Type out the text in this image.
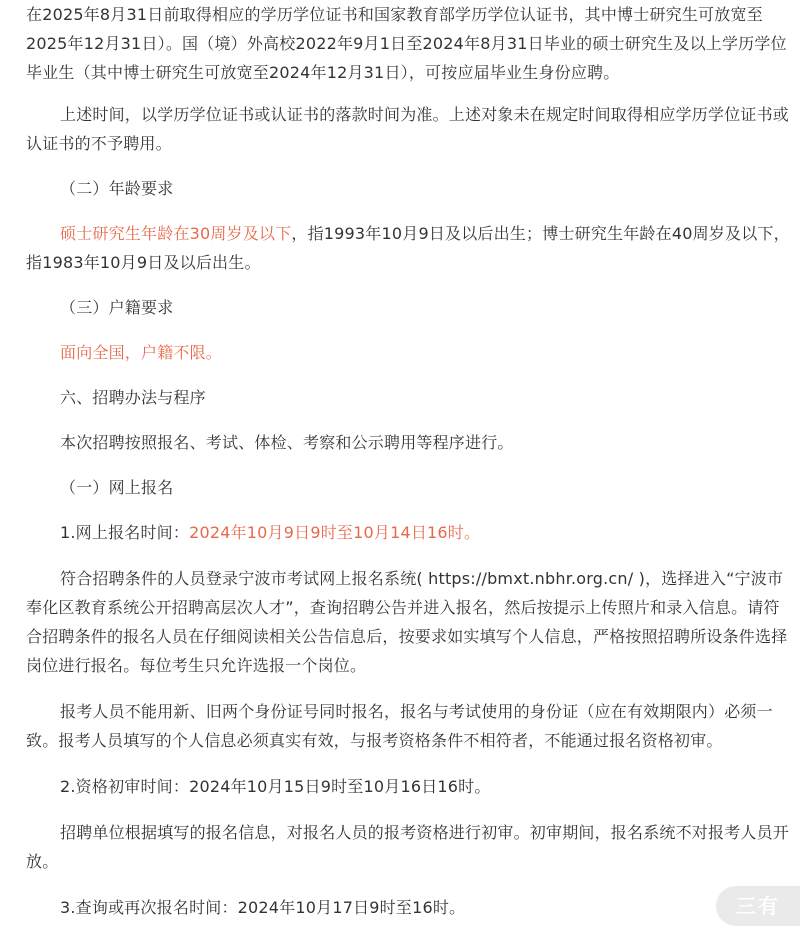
在2025年8月31日前取得相应的学历学位证书和国家教育部学历学位认证书，其中博士研究生可放宽至2025年12月31日）。国（境）外高校2022年9月1日至2024年8月31日毕业的硕士研究生及以上学历学位毕业生（其中博士研究生可放宽至2024年12月31日），可按应届毕业生身份应聘。

上述时间，以学历学位证书或认证书的落款时间为准。上述对象未在规定时间取得相应学历学位证书或认证书的不予聘用。

（二）年龄要求

硕士研究生年龄在30周岁及以下，指1993年10月9日及以后出生；博士研究生年龄在40周岁及以下，指1983年10月9日及以后出生。

（三）户籍要求

面向全国，户籍不限。

六、招聘办法与程序

本次招聘按照报名、考试、体检、考察和公示聘用等程序进行。

（一）网上报名

1.网上报名时间：2024年10月9日9时至10月14日16时。

符合招聘条件的人员登录宁波市考试网上报名系统( https://bmxt.nbhr.org.cn/ )，选择进入“宁波市奉化区教育系统公开招聘高层次人才”，查询招聘公告并进入报名，然后按提示上传照片和录入信息。请符合招聘条件的报名人员在仔细阅读相关公告信息后，按要求如实填写个人信息，严格按照招聘所设条件选择岗位进行报名。每位考生只允许选报一个岗位。

报考人员不能用新、旧两个身份证号同时报名，报名与考试使用的身份证（应在有效期限内）必须一致。报考人员填写的个人信息必须真实有效，与报考资格条件不相符者，不能通过报名资格初审。

2.资格初审时间：2024年10月15日9时至10月16日16时。

招聘单位根据填写的报名信息，对报名人员的报考资格进行初审。初审期间，报名系统不对报考人员开放。

3.查询或再次报名时间：2024年10月17日9时至16时。	三有
